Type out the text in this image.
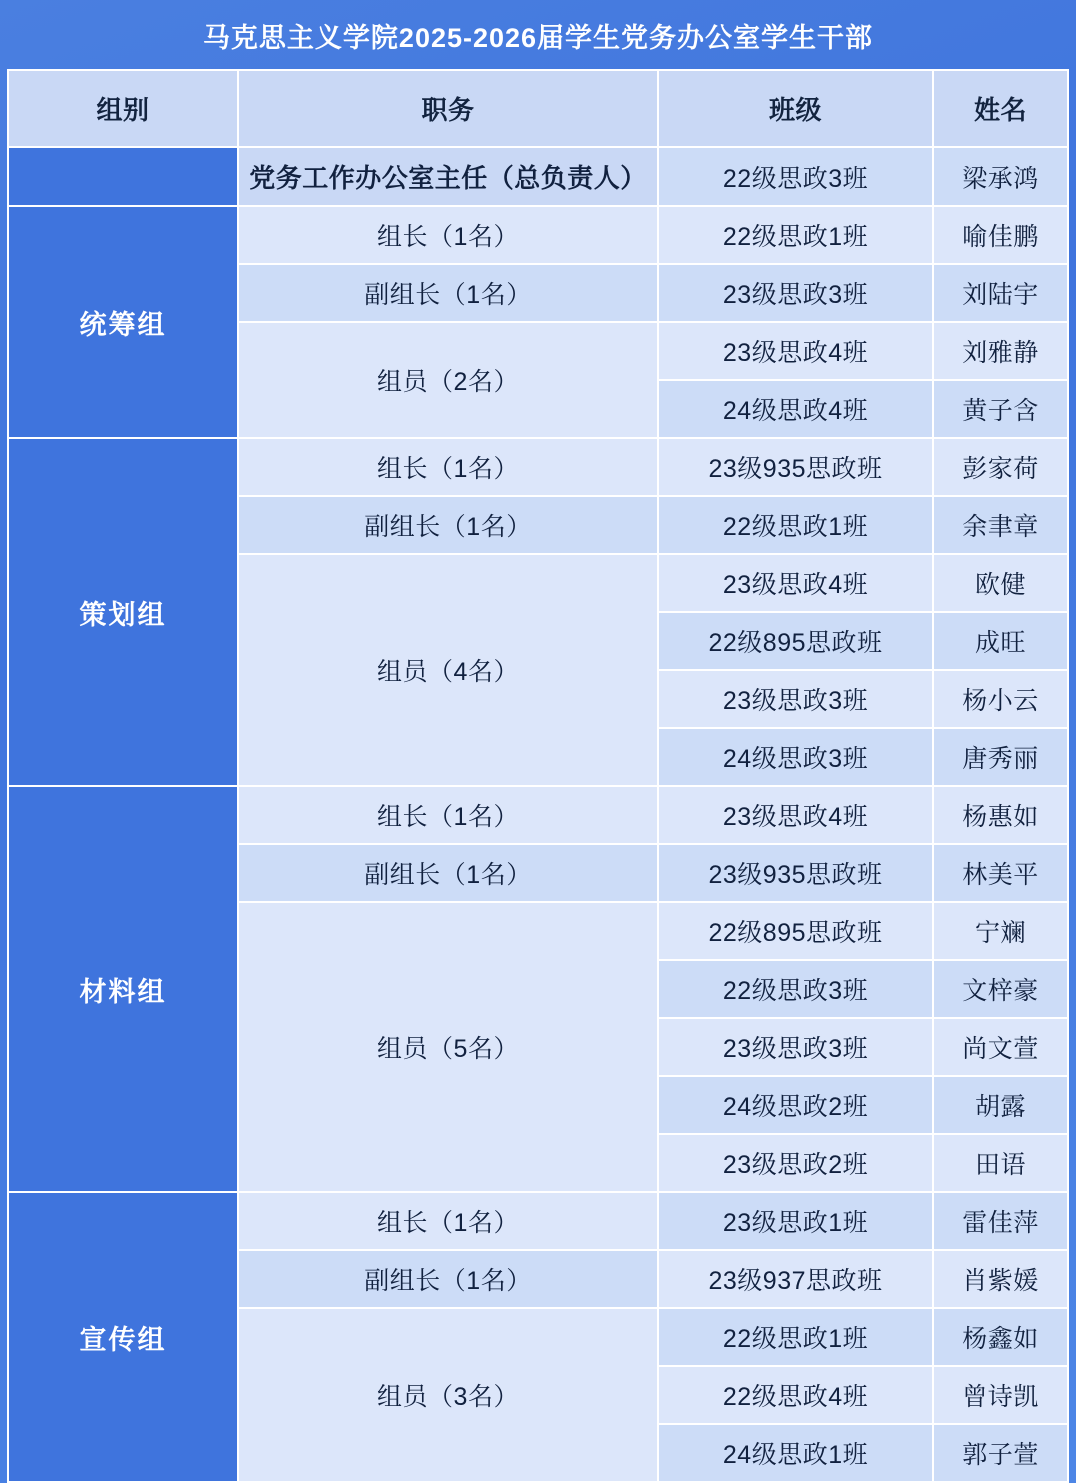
马克思主义学院2025-2026届学生党务办公室学生干部			
组别	职务	班级	姓名
	党务工作办公室主任（总负责人）	22级思政3班	梁承鸿
统筹组	组长（1名）	22级思政1班	喻佳鹏
	副组长（1名）	23级思政3班	刘陆宇
	组员（2名）	23级思政4班	刘雅静
		24级思政4班	黄子含
策划组	组长（1名）	23级935思政班	彭家荷
	副组长（1名）	22级思政1班	余聿章
	组员（4名）	23级思政4班	欧健
		22级895思政班	成旺
		23级思政3班	杨小云
		24级思政3班	唐秀丽
材料组	组长（1名）	23级思政4班	杨惠如
	副组长（1名）	23级935思政班	林美平
	组员（5名）	22级895思政班	宁斓
		22级思政3班	文梓豪
		23级思政3班	尚文萱
		24级思政2班	胡露
		23级思政2班	田语
宣传组	组长（1名）	23级思政1班	雷佳萍
	副组长（1名）	23级937思政班	肖紫媛
	组员（3名）	22级思政1班	杨鑫如
		22级思政4班	曾诗凯
		24级思政1班	郭子萱
